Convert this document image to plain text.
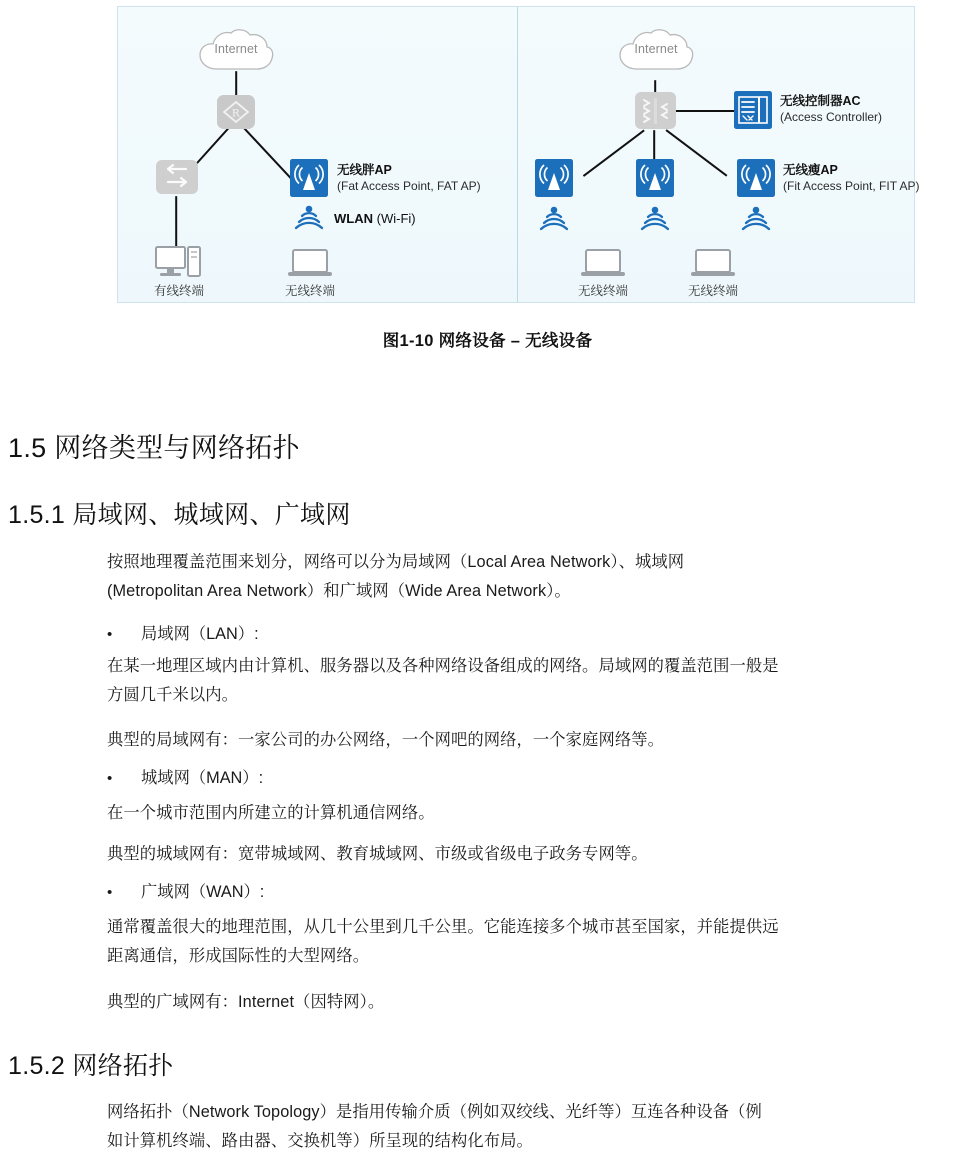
Internet
R
无线胖AP
(Fat Access Point, FAT AP)
WLAN (Wi-Fi)
有线终端	无线终端
Internet
无线控制器AC
(Access Controller)
无线瘦AP
(Fit Access Point, FIT AP)
无线终端	无线终端
图1-10 网络设备 – 无线设备
1.5 网络类型与网络拓扑
1.5.1 局域网、城域网、广域网
按照地理覆盖范围来划分，网络可以分为局域网（Local Area Network）、城域网
(Metropolitan Area Network）和广域网（Wide Area Network）。
•局域网（LAN）:
在某一地理区域内由计算机、服务器以及各种网络设备组成的网络。局域网的覆盖范围一般是
方圆几千米以内。
典型的局域网有：一家公司的办公网络，一个网吧的网络，一个家庭网络等。
•城域网（MAN）:
在一个城市范围内所建立的计算机通信网络。
典型的城域网有：宽带城域网、教育城域网、市级或省级电子政务专网等。
•广域网（WAN）:
通常覆盖很大的地理范围，从几十公里到几千公里。它能连接多个城市甚至国家，并能提供远
距离通信，形成国际性的大型网络。
典型的广域网有：Internet（因特网）。
1.5.2 网络拓扑
网络拓扑（Network Topology）是指用传输介质（例如双绞线、光纤等）互连各种设备（例
如计算机终端、路由器、交换机等）所呈现的结构化布局。
